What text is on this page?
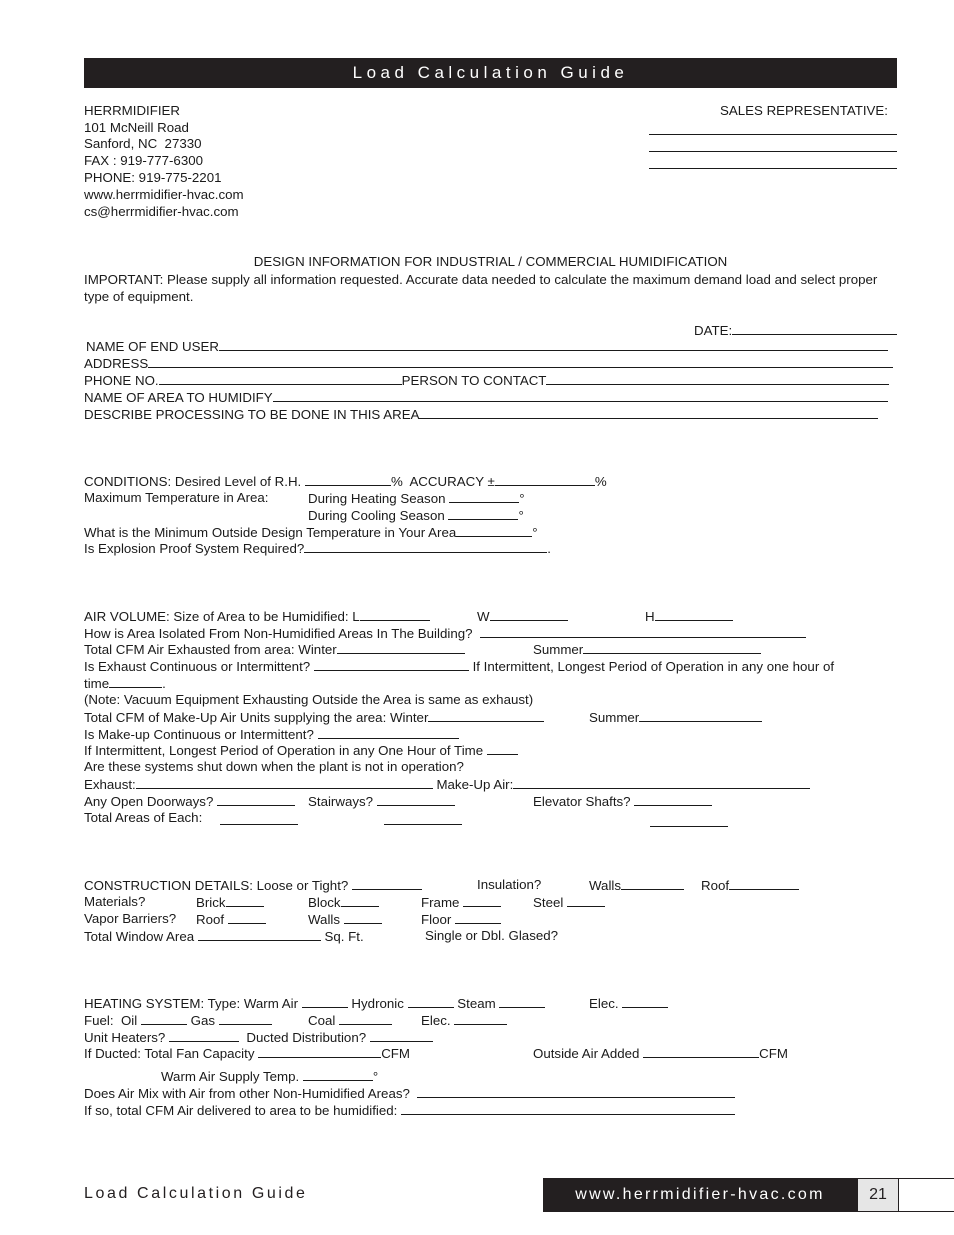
Load Calculation Guide
HERRMIDIFIER
101 McNeill Road
Sanford, NC  27330
FAX : 919-777-6300
PHONE: 919-775-2201
www.herrmidifier-hvac.com
cs@herrmidifier-hvac.com
SALES REPRESENTATIVE:
DESIGN INFORMATION FOR INDUSTRIAL / COMMERCIAL HUMIDIFICATION
IMPORTANT: Please supply all information requested. Accurate data needed to calculate the maximum demand load and select proper type of equipment.
DATE:
NAME OF END USER
ADDRESS
PHONE NO.	PERSON TO CONTACT
NAME OF AREA TO HUMIDIFY
DESCRIBE PROCESSING TO BE DONE IN THIS AREA
CONDITIONS: Desired Level of R.H.	% ACCURACY ±	%
Maximum Temperature in Area:	During Heating Season	°
During Cooling Season	°
What is the Minimum Outside Design Temperature in Your Area	°
Is Explosion Proof System Required?	.
AIR VOLUME: Size of Area to be Humidified: L	W	H
How is Area Isolated From Non-Humidified Areas In The Building?
Total CFM Air Exhausted from area: Winter	Summer
Is Exhaust Continuous or Intermittent?	If Intermittent, Longest Period of Operation in any one hour of
time	.
(Note: Vacuum Equipment Exhausting Outside the Area is same as exhaust)
Total CFM of Make-Up Air Units supplying the area: Winter	Summer
Is Make-up Continuous or Intermittent?
If Intermittent, Longest Period of Operation in any One Hour of Time
Are these systems shut down when the plant is not in operation?
Exhaust:	Make-Up Air:
Any Open Doorways?	Stairways?	Elevator Shafts?
Total Areas of Each:
CONSTRUCTION DETAILS: Loose or Tight?	Insulation?	Walls	Roof
Materials?	Brick	Block	Frame	Steel
Vapor Barriers? Roof	Walls	Floor
Total Window Area	Sq. Ft.	Single or Dbl. Glased?
HEATING SYSTEM: Type: Warm Air	Hydronic	Steam	Elec.
Fuel:  Oil	Gas	Coal	Elec.
Unit Heaters?	Ducted Distribution?
If Ducted: Total Fan Capacity	CFM	Outside Air Added	CFM
Warm Air Supply Temp.	°
Does Air Mix with Air from other Non-Humidified Areas?
If so, total CFM Air delivered to area to be humidified:
Load Calculation Guide	www.herrmidifier-hvac.com	21
